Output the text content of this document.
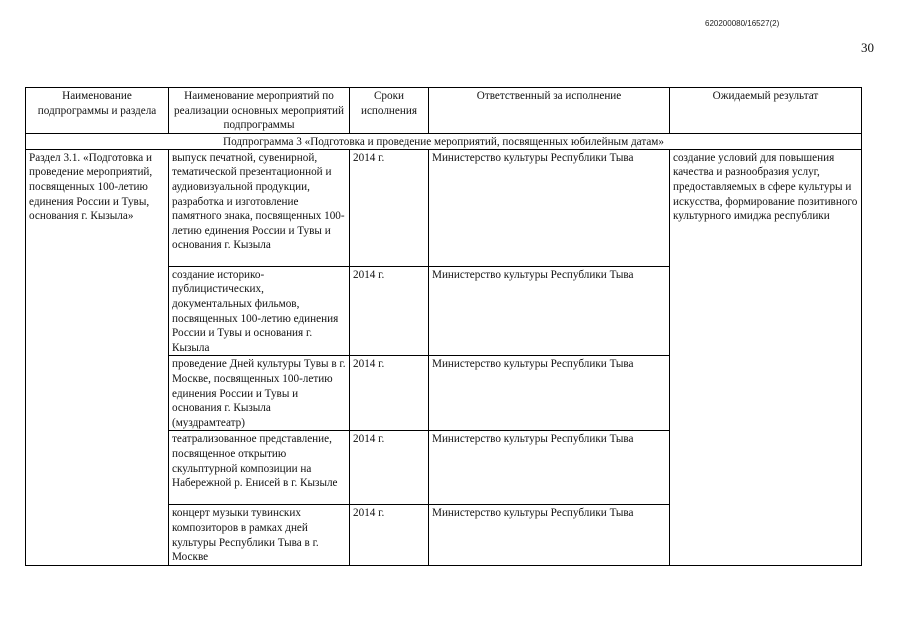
620200080/16527(2)
30
Наименование подпрограммы и раздела	Наименование мероприятий по реализации основных мероприятий подпрограммы	Сроки исполнения	Ответственный за исполнение	Ожидаемый результат
Подпрограмма 3 «Подготовка и проведение мероприятий, посвященных юбилейным датам»				
Раздел 3.1. «Подготовка и проведение мероприятий, посвященных 100-летию единения России и Тувы, основания г. Кызыла»	выпуск печатной, сувенирной, тематической презентационной и аудиовизуальной продукции, разработка и изготовление памятного знака, посвященных 100-летию единения России и Тувы и основания г. Кызыла	2014 г.	Министерство культуры Республики Тыва	создание условий для повышения качества и разнообразия услуг, предоставляемых в сфере культуры и искусства, формирование позитивного культурного имиджа республики
	создание историко-публицистических, документальных фильмов, посвященных 100-летию единения России и Тувы и основания г. Кызыла	2014 г.	Министерство культуры Республики Тыва	
	проведение Дней культуры Тувы в г. Москве, посвященных 100-летию единения России и Тувы и основания г. Кызыла (муздрамтеатр)	2014 г.	Министерство культуры Республики Тыва	
	театрализованное представление, посвященное открытию скульптурной композиции на Набережной р. Енисей в г. Кызыле	2014 г.	Министерство культуры Республики Тыва	
	концерт музыки тувинских композиторов в рамках дней культуры Республики Тыва в г. Москве	2014 г.	Министерство культуры Республики Тыва	
